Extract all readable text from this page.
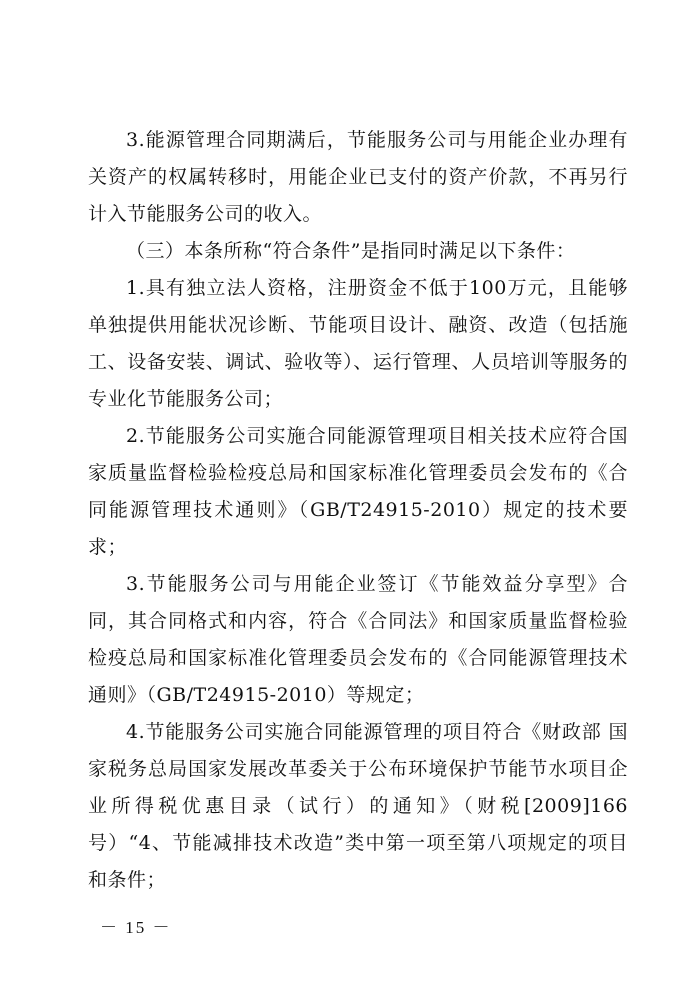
3.能源管理合同期满后，节能服务公司与用能企业办理有关资产的权属转移时，用能企业已支付的资产价款，不再另行计入节能服务公司的收入。

（三）本条所称“符合条件”是指同时满足以下条件：

1.具有独立法人资格，注册资金不低于100万元，且能够单独提供用能状况诊断、节能项目设计、融资、改造（包括施工、设备安装、调试、验收等）、运行管理、人员培训等服务的专业化节能服务公司；

2.节能服务公司实施合同能源管理项目相关技术应符合国家质量监督检验检疫总局和国家标准化管理委员会发布的《合同能源管理技术通则》（GB/T24915-2010）规定的技术要求；

3.节能服务公司与用能企业签订《节能效益分享型》合同，其合同格式和内容，符合《合同法》和国家质量监督检验检疫总局和国家标准化管理委员会发布的《合同能源管理技术通则》（GB/T24915-2010）等规定；

4.节能服务公司实施合同能源管理的项目符合《财政部 国家税务总局国家发展改革委关于公布环境保护节能节水项目企业所得税优惠目录（试行）的通知》（财税[2009]166号）“4、节能减排技术改造”类中第一项至第八项规定的项目和条件；

－ 15 －
